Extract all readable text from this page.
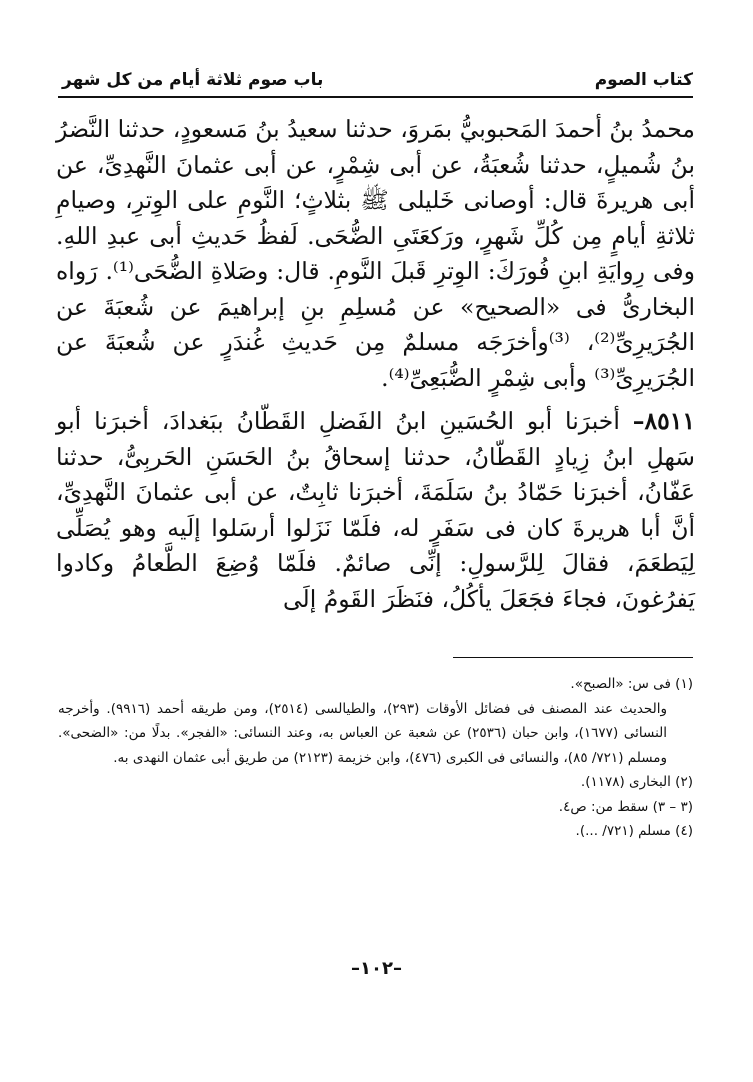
كتاب الصوم
باب صوم ثلاثة أيام من كل شهر

محمدُ بنُ أحمدَ المَحبوبيُّ بمَروَ، حدثنا سعيدُ بنُ مَسعودٍ، حدثنا النَّضرُ بنُ شُميلٍ، حدثنا شُعبَةُ، عن أبى شِمْرٍ، عن أبى عثمانَ النَّهدِىِّ، عن أبى هريرةَ قال: أوصانى خَليلى ﷺ بثلاثٍ؛ النَّومِ على الوِترِ، وصيامِ ثلاثةِ أيامٍ مِن كُلِّ شَهرٍ، ورَكعَتَىِ الضُّحَى. لَفظُ حَديثِ أبى عبدِ اللهِ. وفى رِوايَةِ ابنِ فُورَكَ: الوِترِ قَبلَ النَّومِ. قال: وصَلاةِ الضُّحَى⁽¹⁾. رَواه البخارىُّ فى «الصحيح» عن مُسلِمِ بنِ إبراهيمَ عن شُعبَةَ عن الجُرَيرِىِّ⁽²⁾، ⁽³⁾وأخرَجَه مسلمٌ مِن حَديثِ غُندَرٍ عن شُعبَةَ عن الجُرَيرِىِّ⁽³⁾ وأبى شِمْرٍ الضُّبَعِىِّ⁽⁴⁾.

٨٥١١– أخبرَنا أبو الحُسَينِ ابنُ الفَضلِ القَطّانُ ببَغدادَ، أخبرَنا أبو سَهلِ ابنُ زِيادٍ القَطّانُ، حدثنا إسحاقُ بنُ الحَسَنِ الحَربِىُّ، حدثنا عَفّانُ، أخبرَنا حَمّادُ بنُ سَلَمَةَ، أخبرَنا ثابِتٌ، عن أبى عثمانَ النَّهدِىِّ، أنَّ أبا هريرةَ كان فى سَفَرٍ له، فلَمّا نَزَلوا أرسَلوا إلَيه وهو يُصَلِّى لِيَطعَمَ، فقالَ لِلرَّسولِ: إنِّى صائمٌ. فلَمّا وُضِعَ الطَّعامُ وكادوا يَفرُغونَ، فجاءَ فجَعَلَ يأكُلُ، فنَظَرَ القَومُ إلَى

(١) فى س: «الصبح».

والحديث عند المصنف فى فضائل الأوقات (٢٩٣)، والطيالسى (٢٥١٤)، ومن طريقه أحمد (٩٩١٦). وأخرجه النسائى (١٦٧٧)، وابن حبان (٢٥٣٦) عن شعبة عن العباس به، وعند النسائى: «الفجر». بدلًا من: «الضحى». ومسلم (٧٢١/ ٨٥)، والنسائى فى الكبرى (٤٧٦)، وابن خزيمة (٢١٢٣) من طريق أبى عثمان النهدى به.

(٢) البخارى (١١٧٨).

(٣ – ٣) سقط من: ص٤.

(٤) مسلم (٧٢١/ ...).

–١٠٢–
